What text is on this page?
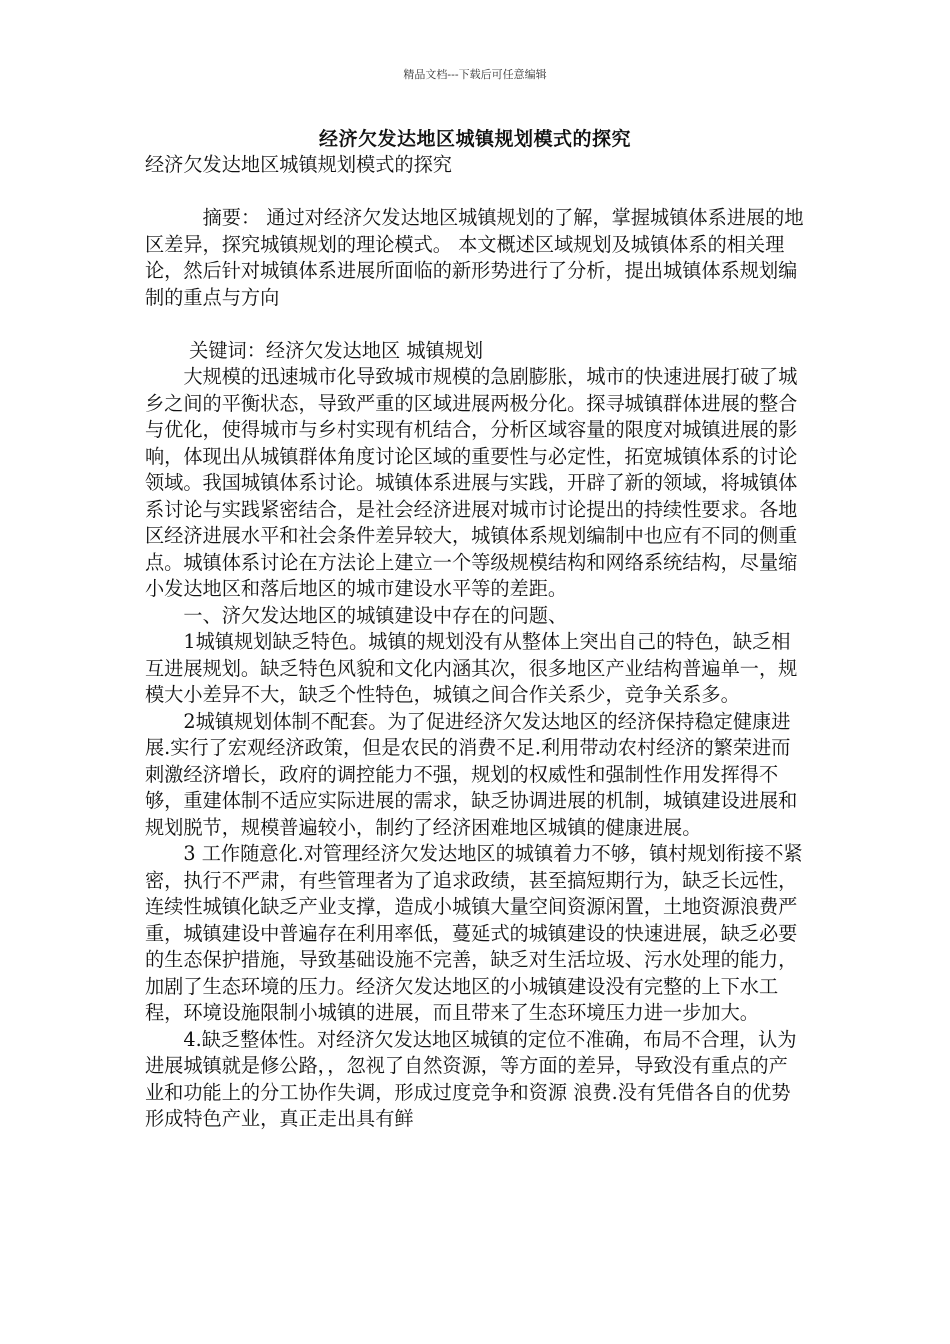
精品文档---下载后可任意编辑
经济欠发达地区城镇规划模式的探究

经济欠发达地区城镇规划模式的探究

摘要： 通过对经济欠发达地区城镇规划的了解，掌握城镇体系进展的地区差异，探究城镇规划的理论模式。 本文概述区域规划及城镇体系的相关理论，然后针对城镇体系进展所面临的新形势进行了分析，提出城镇体系规划编制的重点与方向

关键词：经济欠发达地区 城镇规划

大规模的迅速城市化导致城市规模的急剧膨胀，城市的快速进展打破了城乡之间的平衡状态，导致严重的区域进展两极分化。探寻城镇群体进展的整合与优化，使得城市与乡村实现有机结合，分析区域容量的限度对城镇进展的影响，体现出从城镇群体角度讨论区域的重要性与必定性，拓宽城镇体系的讨论领域。我国城镇体系讨论。城镇体系进展与实践，开辟了新的领域，将城镇体系讨论与实践紧密结合，是社会经济进展对城市讨论提出的持续性要求。各地区经济进展水平和社会条件差异较大，城镇体系规划编制中也应有不同的侧重点。城镇体系讨论在方法论上建立一个等级规模结构和网络系统结构，尽量缩小发达地区和落后地区的城市建设水平等的差距。

一、济欠发达地区的城镇建设中存在的问题、

1城镇规划缺乏特色。城镇的规划没有从整体上突出自己的特色，缺乏相互进展规划。缺乏特色风貌和文化内涵其次，很多地区产业结构普遍单一，规模大小差异不大，缺乏个性特色，城镇之间合作关系少，竞争关系多。

2城镇规划体制不配套。为了促进经济欠发达地区的经济保持稳定健康进展.实行了宏观经济政策，但是农民的消费不足.利用带动农村经济的繁荣进而刺激经济增长，政府的调控能力不强，规划的权威性和强制性作用发挥得不够，重建体制不适应实际进展的需求，缺乏协调进展的机制，城镇建设进展和规划脱节，规模普遍较小，制约了经济困难地区城镇的健康进展。

3 工作随意化.对管理经济欠发达地区的城镇着力不够，镇村规划衔接不紧密，执行不严肃，有些管理者为了追求政绩，甚至搞短期行为，缺乏长远性，连续性城镇化缺乏产业支撑，造成小城镇大量空间资源闲置，土地资源浪费严重，城镇建设中普遍存在利用率低，蔓延式的城镇建设的快速进展，缺乏必要的生态保护措施，导致基础设施不完善，缺乏对生活垃圾、污水处理的能力，加剧了生态环境的压力。经济欠发达地区的小城镇建设没有完整的上下水工程，环境设施限制小城镇的进展，而且带来了生态环境压力进一步加大。

4.缺乏整体性。对经济欠发达地区城镇的定位不准确，布局不合理，认为进展城镇就是修公路，，忽视了自然资源，等方面的差异，导致没有重点的产业和功能上的分工协作失调，形成过度竞争和资源 浪费.没有凭借各自的优势形成特色产业，真正走出具有鲜
